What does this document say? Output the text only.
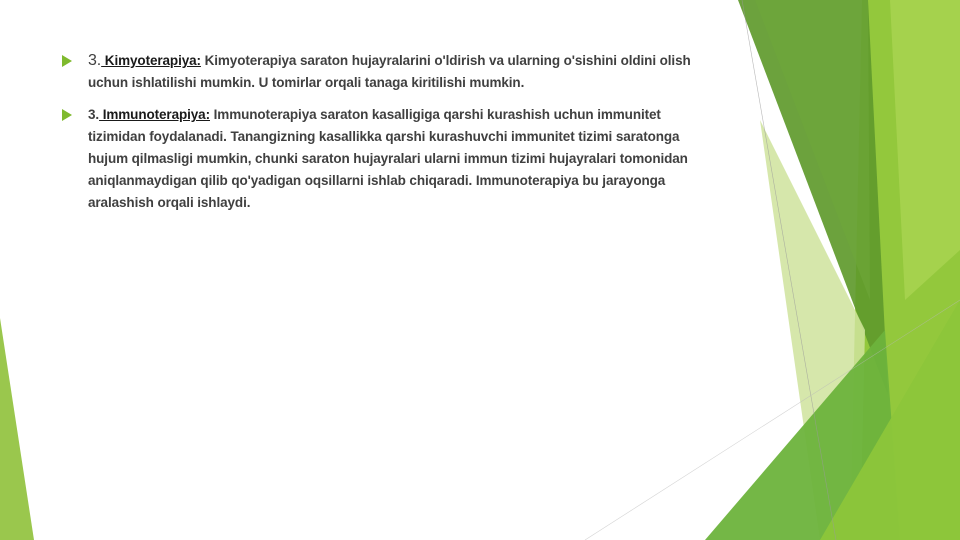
3. Kimyoterapiya: Kimyoterapiya saraton hujayralarini o'ldirish va ularning o'sishini oldini olish uchun ishlatilishi mumkin. U tomirlar orqali tanaga kiritilishi mumkin.
3. Immunoterapiya: Immunoterapiya saraton kasalligiga qarshi kurashish uchun immunitet tizimidan foydalanadi. Tanangizning kasallikka qarshi kurashuvchi immunitet tizimi saratonga hujum qilmasligi mumkin, chunki saraton hujayralari ularni immun tizimi hujayralari tomonidan aniqlanmaydigan qilib qo'yadigan oqsillarni ishlab chiqaradi. Immunoterapiya bu jarayonga aralashish orqali ishlaydi.
